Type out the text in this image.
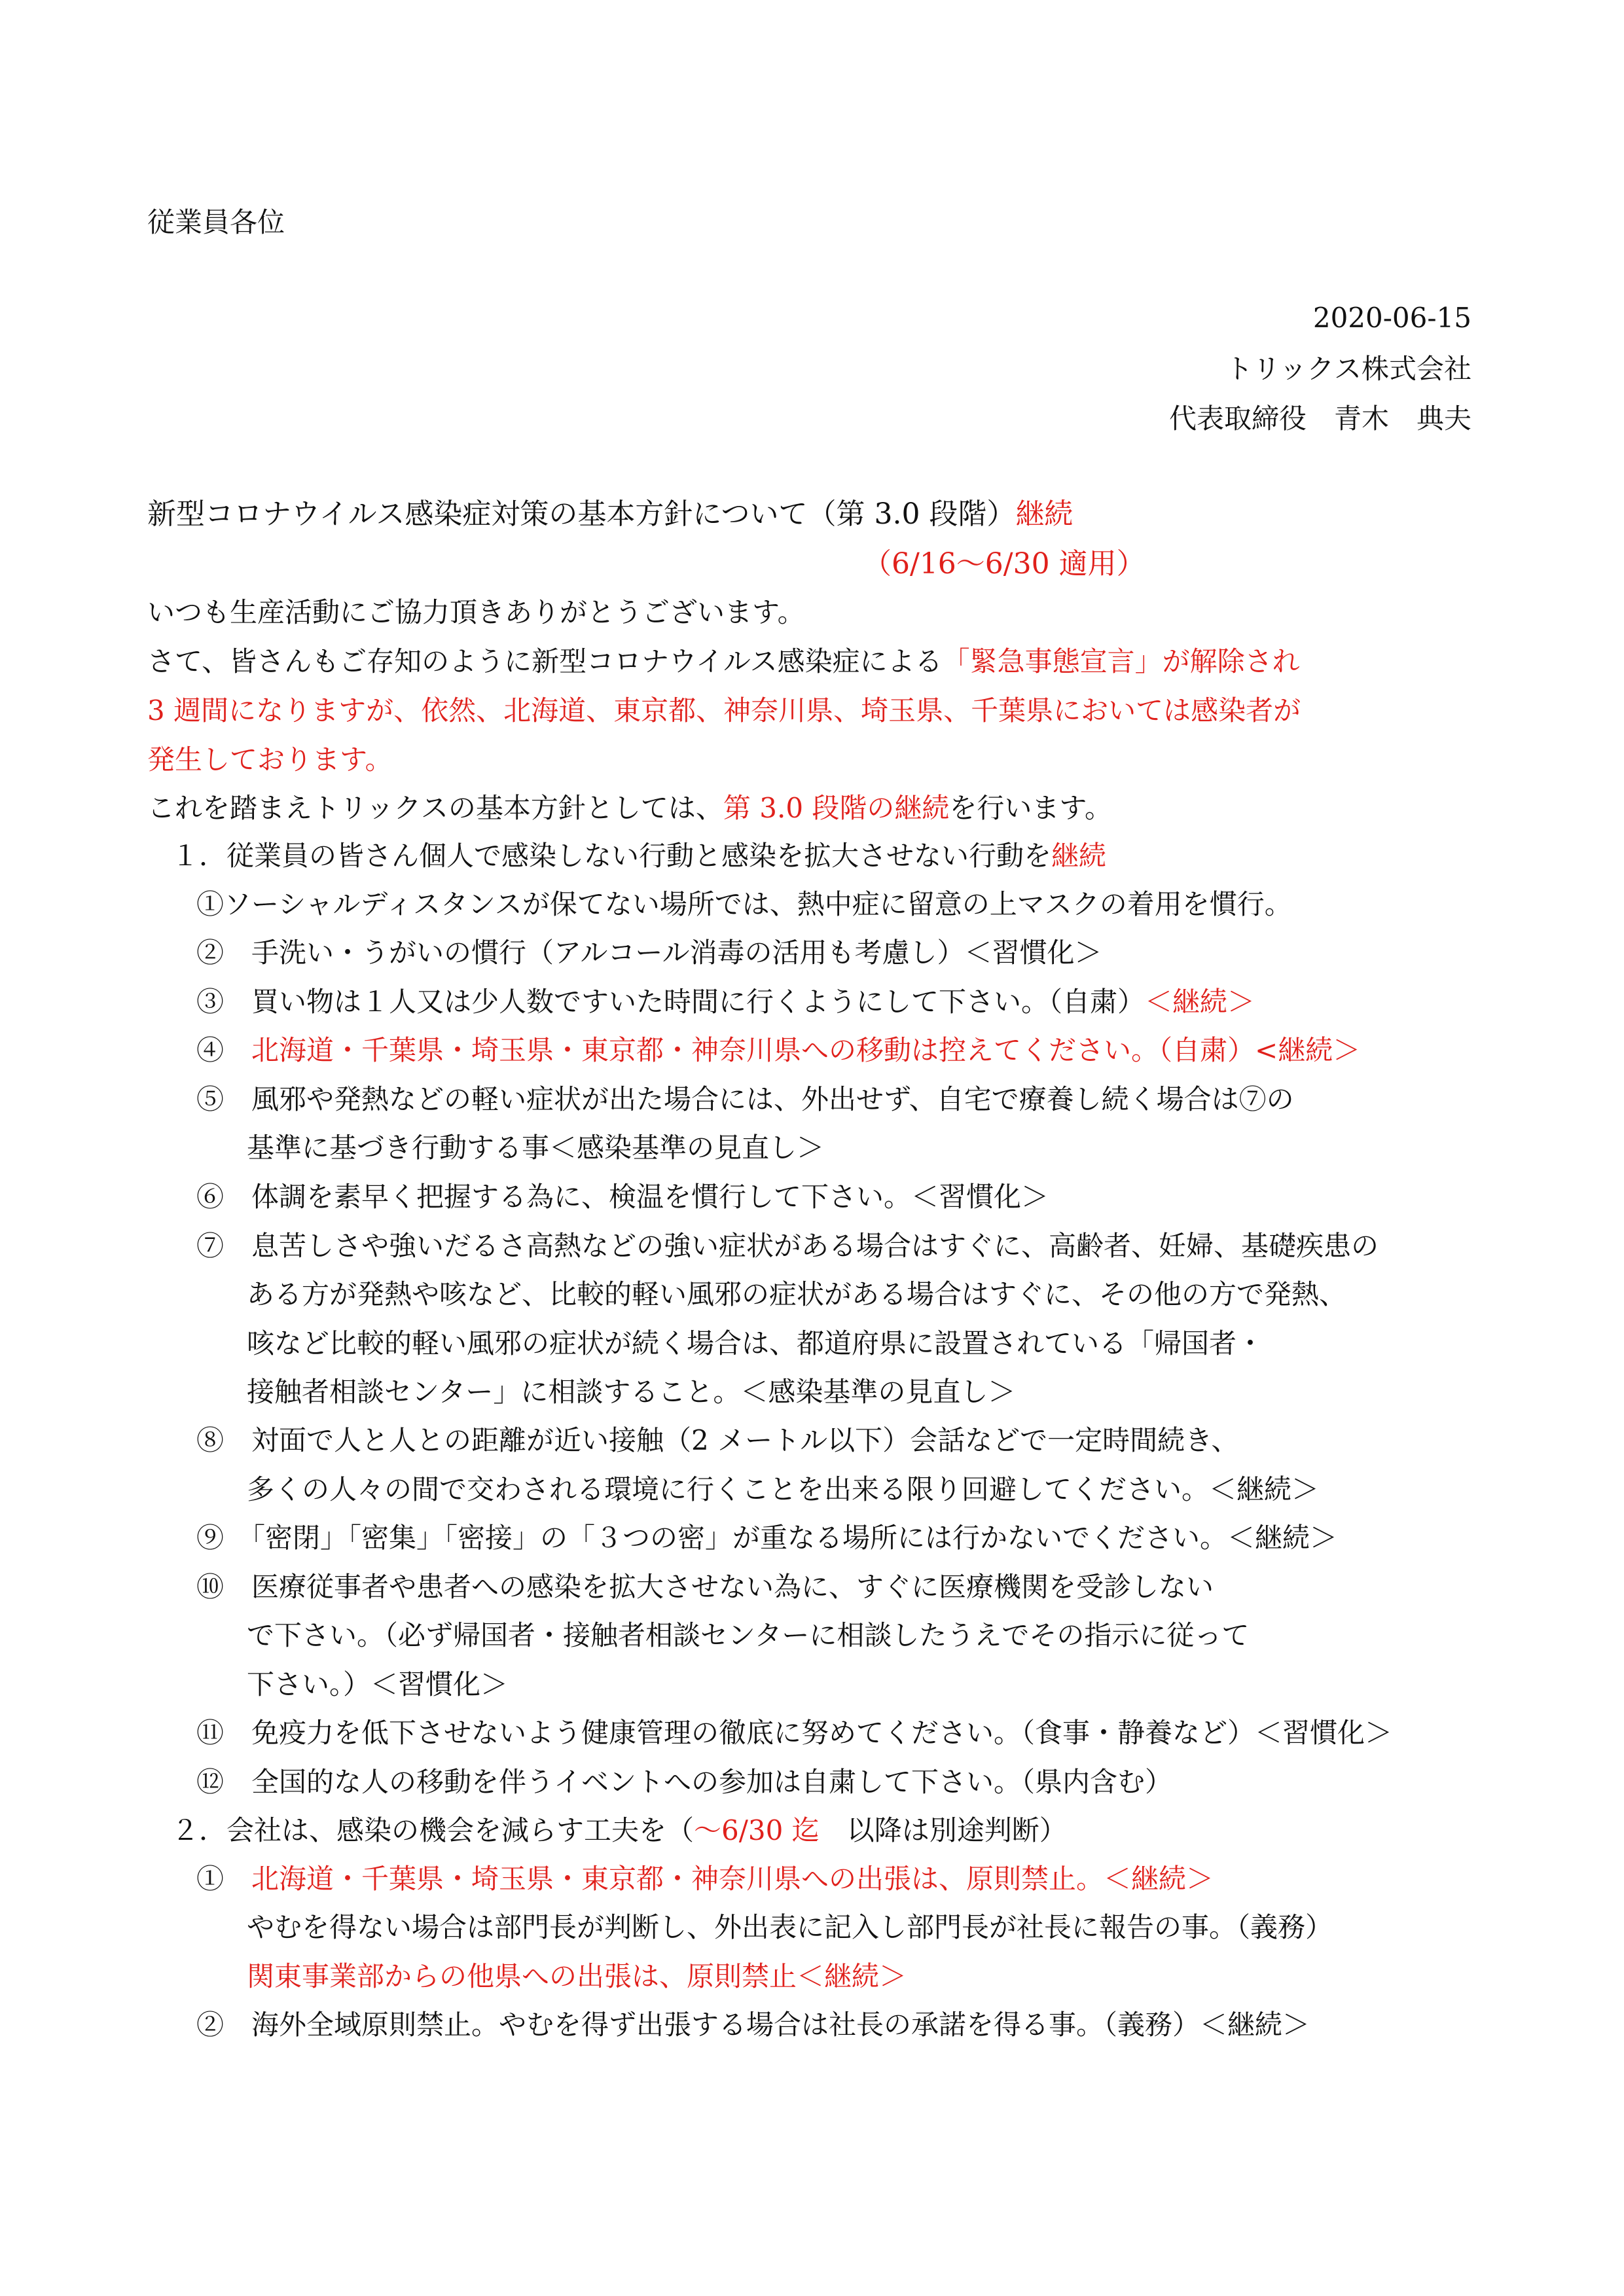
従業員各位
2020-06-15
トリックス株式会社
代表取締役　青木　典夫
新型コロナウイルス感染症対策の基本方針について（第 3.0 段階）継続
（6/16～6/30 適用）
いつも生産活動にご協力頂きありがとうございます。
さて、皆さんもご存知のように新型コロナウイルス感染症による「緊急事態宣言」が解除され
3 週間になりますが、依然、北海道、東京都、神奈川県、埼玉県、千葉県においては感染者が
発生しております。
これを踏まえトリックスの基本方針としては、第 3.0 段階の継続を行います。
１．従業員の皆さん個人で感染しない行動と感染を拡大させない行動を継続
①ソーシャルディスタンスが保てない場所では、熱中症に留意の上マスクの着用を慣行。
②　手洗い・うがいの慣行（アルコール消毒の活用も考慮し）＜習慣化＞
③　買い物は１人又は少人数ですいた時間に行くようにして下さい。（自粛）＜継続＞
④　 北海道・千葉県・埼玉県・東京都・神奈川県への移動は控えてください。（自粛）<継続＞
⑤　風邪や発熱などの軽い症状が出た場合には、外出せず、自宅で療養し続く場合は⑦の
基準に基づき行動する事＜感染基準の見直し＞
⑥　体調を素早く把握する為に、検温を慣行して下さい。＜習慣化＞
⑦　息苦しさや強いだるさ高熱などの強い症状がある場合はすぐに、高齢者、妊婦、基礎疾患の
ある方が発熱や咳など、比較的軽い風邪の症状がある場合はすぐに、その他の方で発熱、
咳など比較的軽い風邪の症状が続く場合は、都道府県に設置されている「帰国者・
接触者相談センター」に相談すること。＜感染基準の見直し＞
⑧　対面で人と人との距離が近い接触（2 メートル以下）会話などで一定時間続き、
多くの人々の間で交わされる環境に行くことを出来る限り回避してください。＜継続＞
⑨　「密閉」「密集」「密接」の「３つの密」が重なる場所には行かないでください。＜継続＞
⑩　医療従事者や患者への感染を拡大させない為に、すぐに医療機関を受診しない
で下さい。（必ず帰国者・接触者相談センターに相談したうえでその指示に従って
下さい。）＜習慣化＞
⑪　免疫力を低下させないよう健康管理の徹底に努めてください。（食事・静養など）＜習慣化＞
⑫　全国的な人の移動を伴うイベントへの参加は自粛して下さい。（県内含む）
２．会社は、感染の機会を減らす工夫を（～6/30 迄　以降は別途判断）
①　 北海道・千葉県・埼玉県・東京都・神奈川県への出張は、原則禁止。＜継続＞
やむを得ない場合は部門長が判断し、外出表に記入し部門長が社長に報告の事。（義務）
関東事業部からの他県への出張は、原則禁止＜継続＞
②　 海外全域原則禁止。やむを得ず出張する場合は社長の承諾を得る事。（義務）＜継続＞
